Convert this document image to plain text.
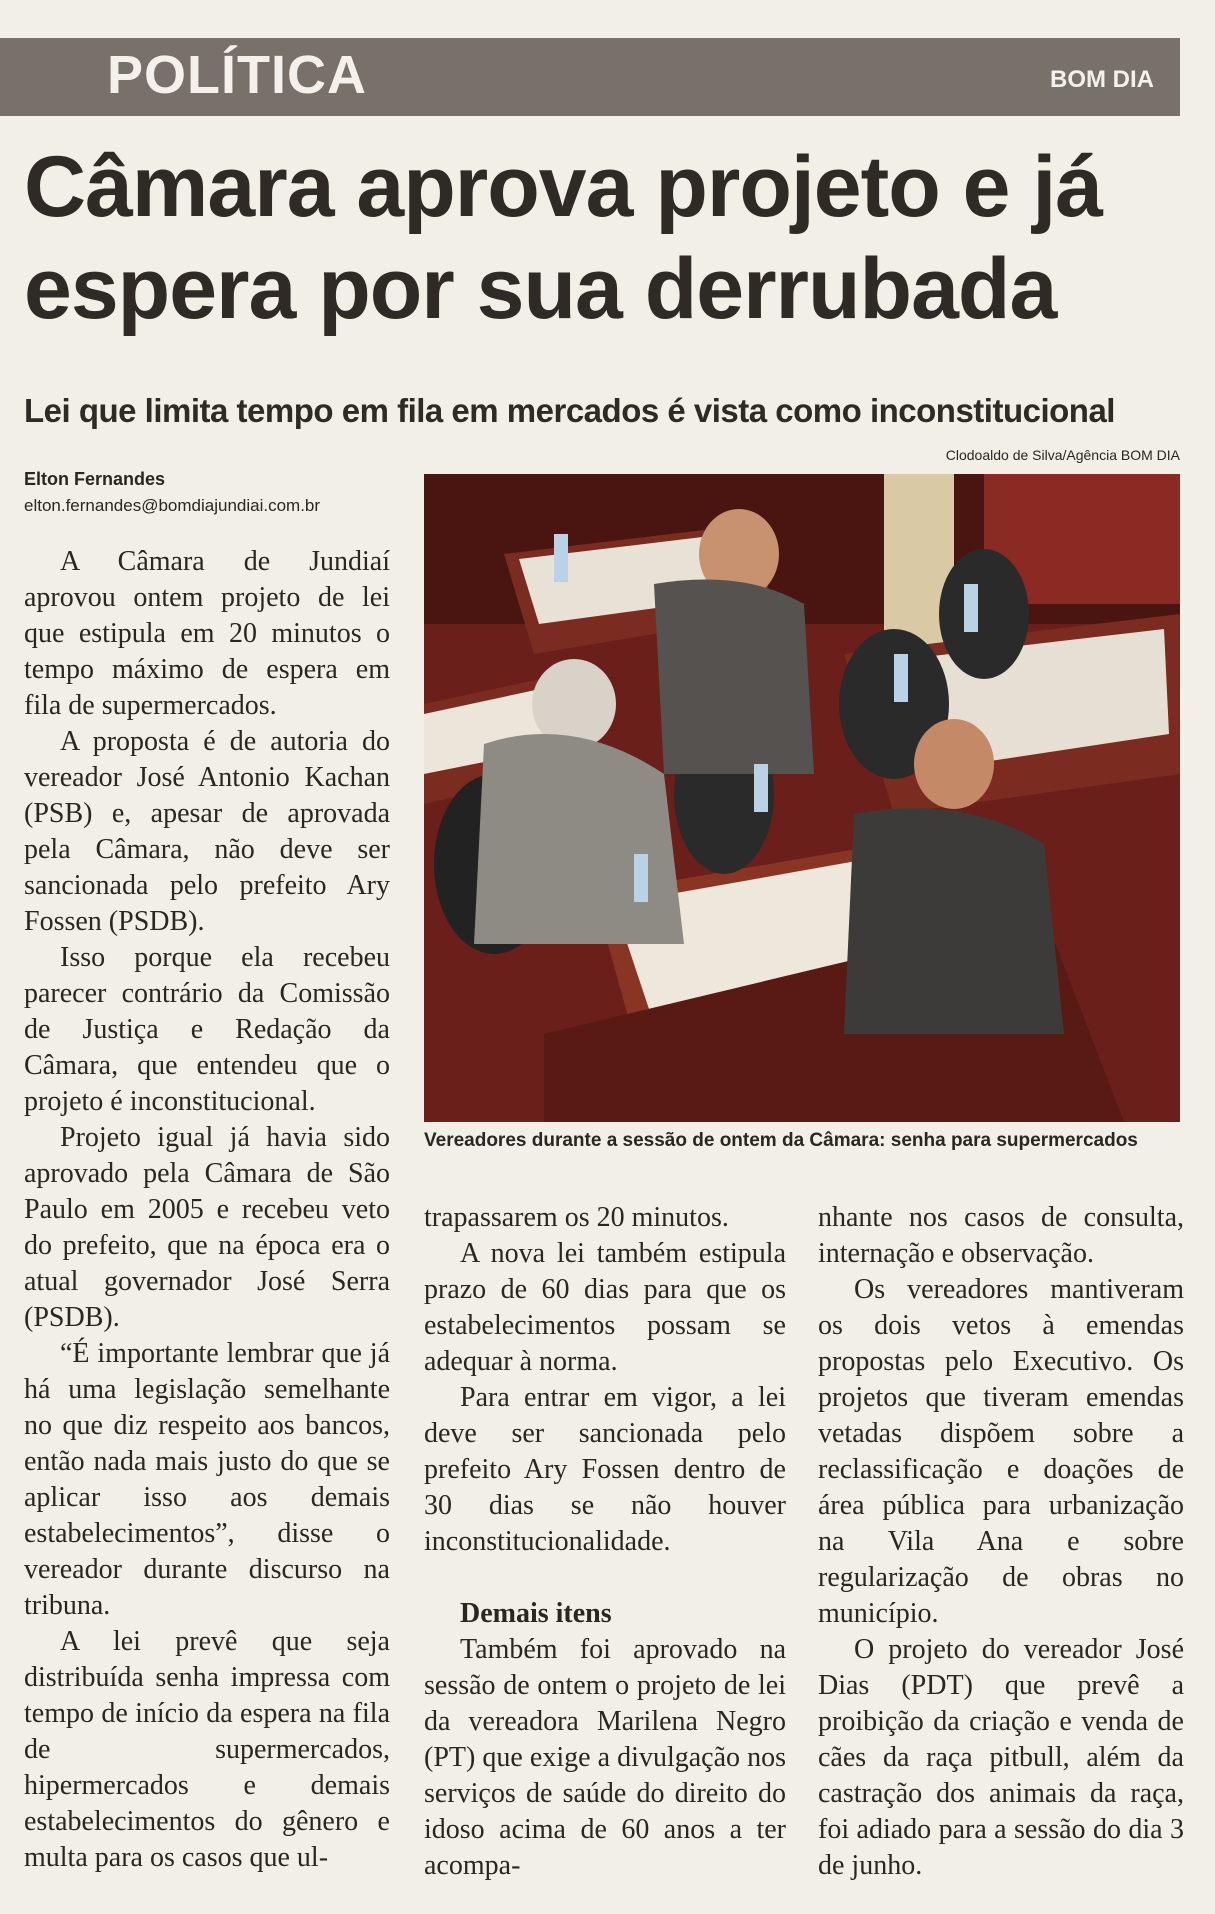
POLÍTICA	BOM DIA
Câmara aprova projeto e já espera por sua derrubada
Lei que limita tempo em fila em mercados é vista como inconstitucional
Elton Fernandes
elton.fernandes@bomdiajundiai.com.br
Clodoaldo de Silva/Agência BOM DIA
Vereadores durante a sessão de ontem da Câmara: senha para supermercados

A Câmara de Jundiaí aprovou ontem projeto de lei que estipula em 20 minutos o tempo máximo de espera em fila de supermercados.

A proposta é de autoria do vereador José Antonio Kachan (PSB) e, apesar de aprovada pela Câmara, não deve ser sancionada pelo prefeito Ary Fossen (PSDB).

Isso porque ela recebeu parecer contrário da Comissão de Justiça e Redação da Câmara, que entendeu que o projeto é inconstitucional.

Projeto igual já havia sido aprovado pela Câmara de São Paulo em 2005 e recebeu veto do prefeito, que na época era o atual governador José Serra (PSDB).

“É importante lembrar que já há uma legislação semelhante no que diz respeito aos bancos, então nada mais justo do que se aplicar isso aos demais estabelecimentos”, disse o vereador durante discurso na tribuna.

A lei prevê que seja distribuída senha impressa com tempo de início da espera na fila de supermercados, hipermercados e demais estabelecimentos do gênero e multa para os casos que ul-

trapassarem os 20 minutos.

A nova lei também estipula prazo de 60 dias para que os estabelecimentos possam se adequar à norma.

Para entrar em vigor, a lei deve ser sancionada pelo prefeito Ary Fossen dentro de 30 dias se não houver inconstitucionalidade.

Demais itens

Também foi aprovado na sessão de ontem o projeto de lei da vereadora Marilena Negro (PT) que exige a divulgação nos serviços de saúde do direito do idoso acima de 60 anos a ter acompa-

nhante nos casos de consulta, internação e observação.

Os vereadores mantiveram os dois vetos à emendas propostas pelo Executivo. Os projetos que tiveram emendas vetadas dispõem sobre a reclassificação e doações de área pública para urbanização na Vila Ana e sobre regularização de obras no município.

O projeto do vereador José Dias (PDT) que prevê a proibição da criação e venda de cães da raça pitbull, além da castração dos animais da raça, foi adiado para a sessão do dia 3 de junho.
